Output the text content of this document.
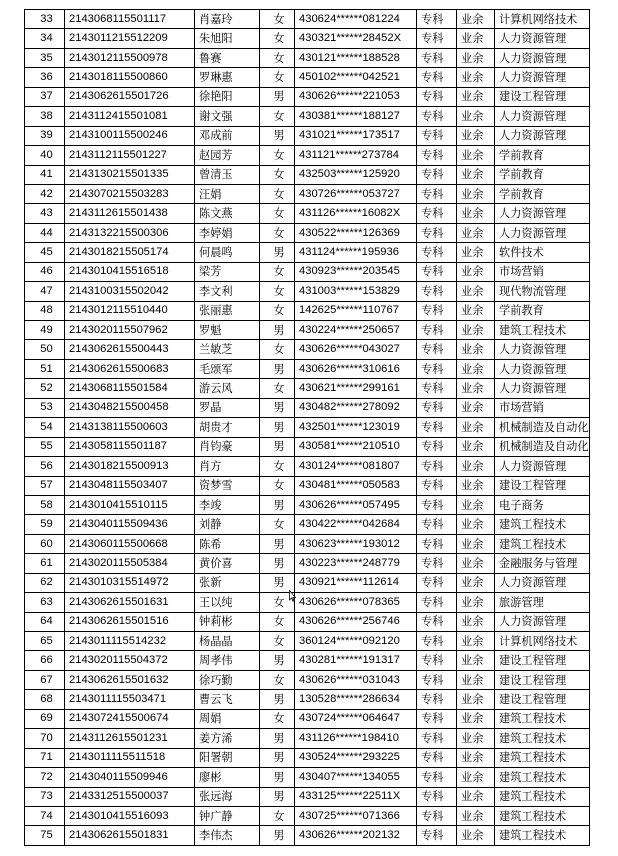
33	2143068115501117	肖嘉玲	女	430624******081224	专科	业余	计算机网络技术
34	2143011215512209	朱旭阳	女	430321******28452X	专科	业余	人力资源管理
35	2143012115500978	鲁赛	女	430121******188528	专科	业余	人力资源管理
36	2143018115500860	罗琳惠	女	450102******042521	专科	业余	人力资源管理
37	2143062615501726	徐艳阳	男	430626******221053	专科	业余	建设工程管理
38	2143112415501081	谢文强	女	430381******188127	专科	业余	人力资源管理
39	2143100115500246	邓成前	男	431021******173517	专科	业余	人力资源管理
40	2143112115501227	赵园芳	女	431121******273784	专科	业余	学前教育
41	2143130215501335	曾清玉	女	432503******125920	专科	业余	学前教育
42	2143070215503283	汪娟	女	430726******053727	专科	业余	学前教育
43	2143112615501438	陈文燕	女	431126******16082X	专科	业余	人力资源管理
44	2143132215500306	李婷娟	女	430522******126369	专科	业余	人力资源管理
45	2143018215505174	何晨鸣	男	431124******195936	专科	业余	软件技术
46	2143010415516518	梁芳	女	430923******203545	专科	业余	市场营销
47	2143100315502042	李文利	女	431003******153829	专科	业余	现代物流管理
48	2143012115510440	张丽惠	女	142625******110767	专科	业余	学前教育
49	2143020115507962	罗魁	男	430224******250657	专科	业余	建筑工程技术
50	2143062615500443	兰敏芝	女	430626******043027	专科	业余	人力资源管理
51	2143062615500683	毛颂军	男	430626******310616	专科	业余	人力资源管理
52	2143068115501584	游云风	女	430621******299161	专科	业余	人力资源管理
53	2143048215500458	罗晶	男	430482******278092	专科	业余	市场营销
54	2143138115500603	胡贵才	男	432501******123019	专科	业余	机械制造及自动化
55	2143058115501187	肖钧豪	男	430581******210510	专科	业余	机械制造及自动化
56	2143018215500913	肖方	女	430124******081807	专科	业余	人力资源管理
57	2143048115503407	资梦雪	女	430481******050583	专科	业余	建设工程管理
58	2143010415510115	李竣	男	430626******057495	专科	业余	电子商务
59	2143040115509436	刘静	女	430422******042684	专科	业余	建筑工程技术
60	2143060115500668	陈希	男	430623******193012	专科	业余	建筑工程技术
61	2143020115505384	黄价喜	男	430223******248779	专科	业余	金融服务与管理
62	2143010315514972	张新	男	430921******112614	专科	业余	人力资源管理
63	2143062615501631	王以纯	女	430626******078365	专科	业余	旅游管理
64	2143062615501516	钟莉彬	女	430626******256746	专科	业余	人力资源管理
65	2143011115514232	杨晶晶	女	360124******092120	专科	业余	计算机网络技术
66	2143020115504372	周孝伟	男	430281******191317	专科	业余	建设工程管理
67	2143062615501632	徐巧勤	女	430626******031043	专科	业余	建设工程管理
68	2143011115503471	曹云飞	男	130528******286634	专科	业余	建设工程管理
69	2143072415500674	周娟	女	430724******064647	专科	业余	建筑工程技术
70	2143112615501231	姜方浠	男	431126******198410	专科	业余	建筑工程技术
71	2143011115511518	阳署朝	男	430524******293225	专科	业余	建筑工程技术
72	2143040115509946	廖彬	男	430407******134055	专科	业余	建筑工程技术
73	2143312515500037	张远海	男	433125******22511X	专科	业余	建筑工程技术
74	2143010415516093	钟广静	女	430725******071366	专科	业余	建筑工程技术
75	2143062615501831	李伟杰	男	430626******202132	专科	业余	建筑工程技术
